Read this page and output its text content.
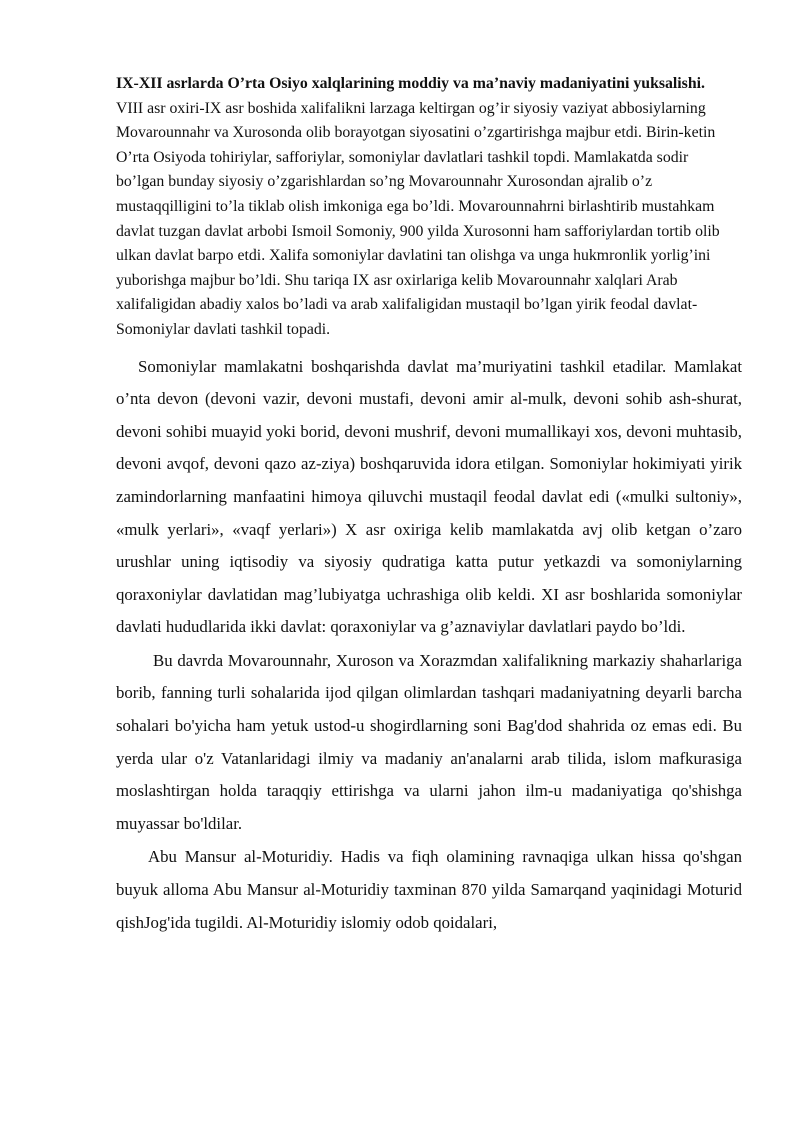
IX-XII asrlarda O’rta Osiyo xalqlarining moddiy va ma’naviy madaniyatini yuksalishi. VIII asr oxiri-IX asr boshida xalifalikni larzaga keltirgan og’ir siyosiy vaziyat abbosiylarning Movarounnahr va Xurosonda olib borayotgan siyosatini o’zgartirishga majbur etdi. Birin-ketin O’rta Osiyoda tohiriylar, safforiylar, somoniylar davlatlari tashkil topdi. Mamlakatda sodir bo’lgan bunday siyosiy o’zgarishlardan so’ng Movarounnahr Xurosondan ajralib o’z mustaqqilligini to’la tiklab olish imkoniga ega bo’ldi. Movarounnahrni birlashtirib mustahkam davlat tuzgan davlat arbobi Ismoil Somoniy, 900 yilda Xurosonni ham safforiylardan tortib olib ulkan davlat barpo etdi. Xalifa somoniylar davlatini tan olishga va unga hukmronlik yorlig’ini yuborishga majbur bo’ldi. Shu tariqa IX asr oxirlariga kelib Movarounnahr xalqlari Arab xalifaligidan abadiy xalos bo’ladi va arab xalifaligidan mustaqil bo’lgan yirik feodal davlat-Somoniylar davlati tashkil topadi.

Somoniylar mamlakatni boshqarishda davlat ma’muriyatini tashkil etadilar. Mamlakat o’nta devon (devoni vazir, devoni mustafi, devoni amir al-mulk, devoni sohib ash-shurat, devoni sohibi muayid yoki borid, devoni mushrif, devoni mumallikayi xos, devoni muhtasib, devoni avqof, devoni qazo az-ziya) boshqaruvida idora etilgan. Somoniylar hokimiyati yirik zamindorlarning manfaatini himoya qiluvchi mustaqil feodal davlat edi («mulki sultoniy», «mulk yerlari», «vaqf yerlari») X asr oxiriga kelib mamlakatda avj olib ketgan o’zaro urushlar uning iqtisodiy va siyosiy qudratiga katta putur yetkazdi va somoniylarning qoraxoniylar davlatidan mag’lubiyatga uchrashiga olib keldi. XI asr boshlarida somoniylar davlati hududlarida ikki davlat: qoraxoniylar va g’aznaviylar davlatlari paydo bo’ldi.

Bu davrda Movarounnahr, Xuroson va Xorazmdan xalifalikning markaziy shaharlariga borib, fanning turli sohalarida ijod qilgan olimlardan tashqari madaniyatning deyarli barcha sohalari bo'yicha ham yetuk ustod-u shogirdlarning soni Bag'dod shahrida oz emas edi. Bu yerda ular o'z Vatanlaridagi ilmiy va madaniy an'analarni arab tilida, islom mafkurasiga moslashtirgan holda taraqqiy ettirishga va ularni jahon ilm-u madaniyatiga qo'shishga muyassar bo'ldilar.

Abu Mansur al-Moturidiy. Hadis va fiqh olamining ravnaqiga ulkan hissa qo'shgan buyuk alloma Abu Mansur al-Moturidiy taxminan 870 yilda Samarqand yaqinidagi Moturid qishJog'ida tugildi. Al-Moturidiy islomiy odob qoidalari,
